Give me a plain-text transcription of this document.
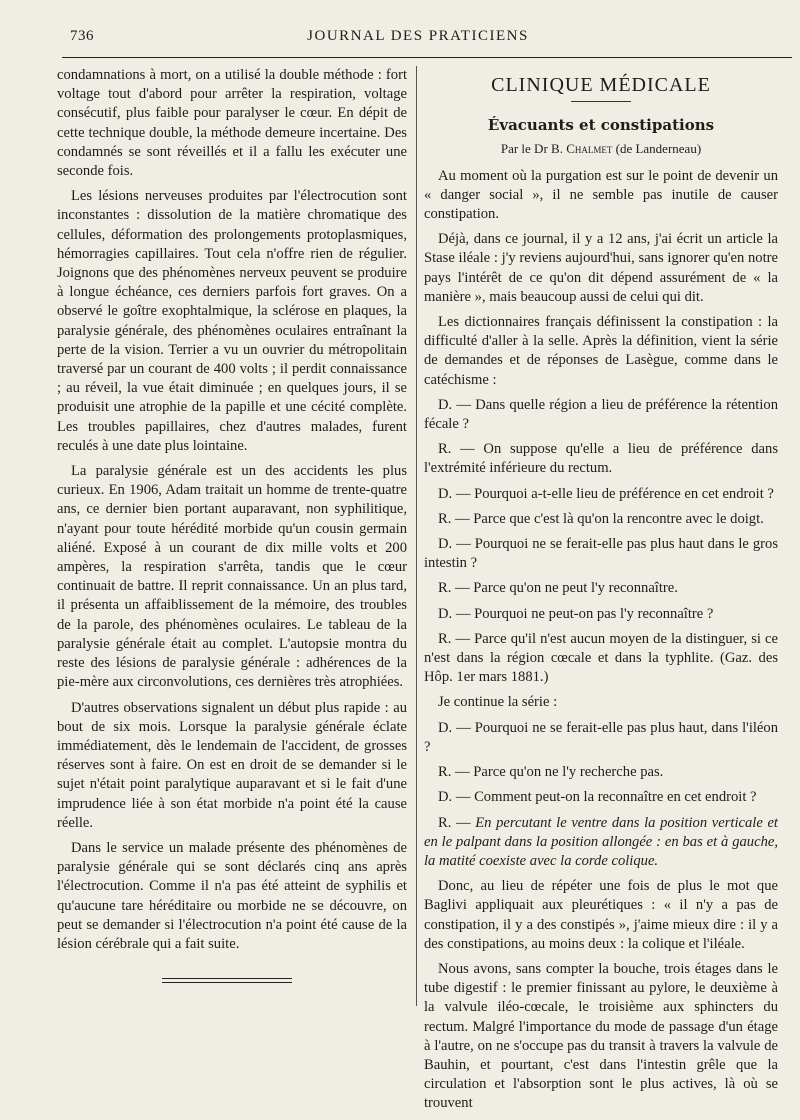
736	JOURNAL DES PRATICIENS

condamnations à mort, on a utilisé la double méthode : fort voltage tout d'abord pour arrêter la respiration, voltage consécutif, plus faible pour paralyser le cœur. En dépit de cette technique double, la méthode demeure incertaine. Des condamnés se sont réveillés et il a fallu les exécuter une seconde fois.

Les lésions nerveuses produites par l'électrocution sont inconstantes : dissolution de la matière chromatique des cellules, déformation des prolongements protoplasmiques, hémorragies capillaires. Tout cela n'offre rien de régulier. Joignons que des phénomènes nerveux peuvent se produire à longue échéance, ces derniers parfois fort graves. On a observé le goître exophtalmique, la sclérose en plaques, la paralysie générale, des phénomènes oculaires entraînant la perte de la vision. Terrier a vu un ouvrier du métropolitain traversé par un courant de 400 volts ; il perdit connaissance ; au réveil, la vue était diminuée ; en quelques jours, il se produisit une atrophie de la papille et une cécité complète. Les troubles papillaires, chez d'autres malades, furent reculés à une date plus lointaine.

La paralysie générale est un des accidents les plus curieux. En 1906, Adam traitait un homme de trente-quatre ans, ce dernier bien portant auparavant, non syphilitique, n'ayant pour toute hérédité morbide qu'un cousin germain aliéné. Exposé à un courant de dix mille volts et 200 ampères, la respiration s'arrêta, tandis que le cœur continuait de battre. Il reprit connaissance. Un an plus tard, il présenta un affaiblissement de la mémoire, des troubles de la parole, des phénomènes oculaires. Le tableau de la paralysie générale était au complet. L'autopsie montra du reste des lésions de paralysie générale : adhérences de la pie-mère aux circonvolutions, ces dernières très atrophiées.

D'autres observations signalent un début plus rapide : au bout de six mois. Lorsque la paralysie générale éclate immédiatement, dès le lendemain de l'accident, de grosses réserves sont à faire. On est en droit de se demander si le sujet n'était point paralytique auparavant et si le fait d'une imprudence liée à son état morbide n'a point été la cause réelle.

Dans le service un malade présente des phénomènes de paralysie générale qui se sont déclarés cinq ans après l'électrocution. Comme il n'a pas été atteint de syphilis et qu'aucune tare héréditaire ou morbide ne se découvre, on peut se demander si l'électrocution n'a point été cause de la lésion cérébrale qui a fait suite.

CLINIQUE MÉDICALE
Évacuants et constipations
Par le Dr B. Chalmet (de Landerneau)

Au moment où la purgation est sur le point de devenir un « danger social », il ne semble pas inutile de causer constipation.

Déjà, dans ce journal, il y a 12 ans, j'ai écrit un article la Stase iléale : j'y reviens aujourd'hui, sans ignorer qu'en notre pays l'intérêt de ce qu'on dit dépend assurément de « la manière », mais beaucoup aussi de celui qui dit.

Les dictionnaires français définissent la constipation : la difficulté d'aller à la selle. Après la définition, vient la série de demandes et de réponses de Lasègue, comme dans le catéchisme :

D. — Dans quelle région a lieu de préférence la rétention fécale ?

R. — On suppose qu'elle a lieu de préférence dans l'extrémité inférieure du rectum.

D. — Pourquoi a-t-elle lieu de préférence en cet endroit ?

R. — Parce que c'est là qu'on la rencontre avec le doigt.

D. — Pourquoi ne se ferait-elle pas plus haut dans le gros intestin ?

R. — Parce qu'on ne peut l'y reconnaître.

D. — Pourquoi ne peut-on pas l'y reconnaître ?

R. — Parce qu'il n'est aucun moyen de la distinguer, si ce n'est dans la région cœcale et dans la typhlite. (Gaz. des Hôp. 1er mars 1881.)

Je continue la série :

D. — Pourquoi ne se ferait-elle pas plus haut, dans l'iléon ?

R. — Parce qu'on ne l'y recherche pas.

D. — Comment peut-on la reconnaître en cet endroit ?

R. — En percutant le ventre dans la position verticale et en le palpant dans la position allongée : en bas et à gauche, la matité coexiste avec la corde colique.

Donc, au lieu de répéter une fois de plus le mot que Baglivi appliquait aux pleurétiques : « il n'y a pas de constipation, il y a des constipés », j'aime mieux dire : il y a des constipations, au moins deux : la colique et l'iléale.

Nous avons, sans compter la bouche, trois étages dans le tube digestif : le premier finissant au pylore, le deuxième à la valvule iléo-cœcale, le troisième aux sphincters du rectum. Malgré l'importance du mode de passage d'un étage à l'autre, on ne s'occupe pas du transit à travers la valvule de Bauhin, et pourtant, c'est dans l'intestin grêle que la circulation et l'absorption sont le plus actives, là où se trouvent
